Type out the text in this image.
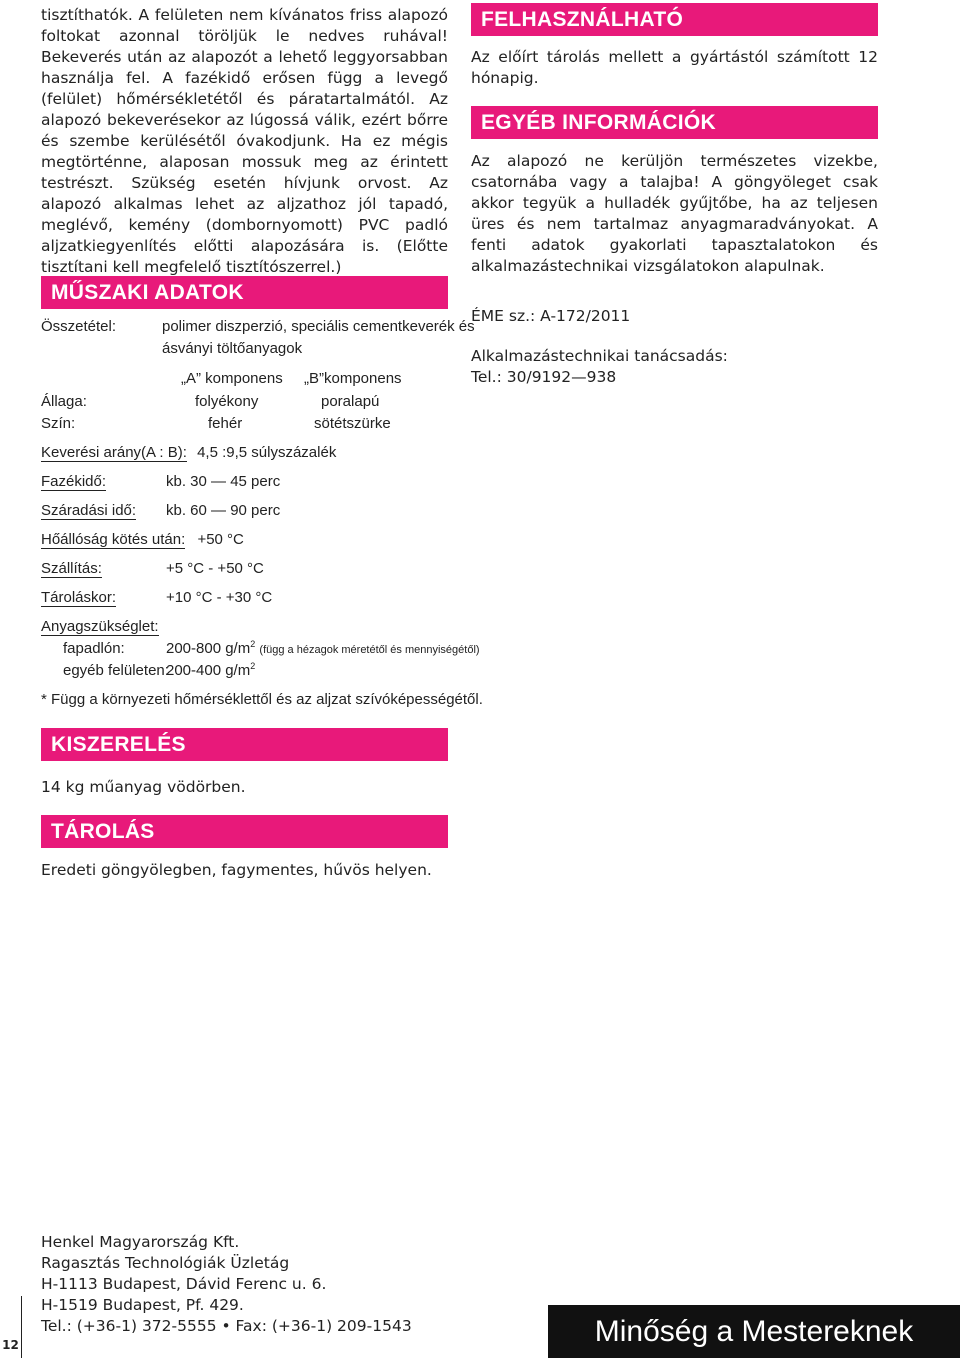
tisztíthatók. A felületen nem kívánatos friss alapozó foltokat azonnal töröljük le nedves ruhával! Bekeverés után az alapozót a lehető leggyorsabban használja fel. A fazékidő erősen függ a levegő (felület) hőmérsékletétől és páratartalmától. Az alapozó bekeverésekor az lúgossá válik, ezért bőrre és szembe kerülésétől óvakodjunk. Ha ez mégis megtörténne, alaposan mossuk meg az érintett testrészt. Szükség esetén hívjunk orvost. Az alapozó alkalmas lehet az aljzathoz jól tapadó, meglévő, kemény (dombornyomott) PVC padló aljzatkiegyenlítés előtti alapozására is. (Előtte tisztítani kell megfelelő tisztítószerrel.)

MŰSZAKI ADATOK
Összetétel:	polimer diszperzió, speciális cementkeverék és
ásványi töltőanyagok
„A” komponens „B”komponens
Állaga:	folyékony	poralapú
Szín:	fehér	sötétszürke
Keverési arány(A : B): 4,5 :9,5 súlyszázalék
Fazékidő:	kb. 30 — 45 perc
Száradási idő: kb. 60 — 90 perc
Hőállóság kötés után: +50 °C
Szállítás:	+5 °C - +50 °C
Tároláskor:	+10 °C - +30 °C
Anyagszükséglet:
fapadlón:	200-800 $g/m^2$ (függ a hézagok méretétől és mennyiségétől)
egyéb felületen:
200-400 $g/m^2$
* Függ a környezeti hőmérséklettől és az aljzat szívóképességétől.
KISZERELÉS
14 kg műanyag vödörben.
TÁROLÁS
Eredeti göngyölegben, fagymentes, hűvös helyen.
FELHASZNÁLHATÓ

Az előírt tárolás mellett a gyártástól számított 12 hónapig.

EGYÉB INFORMÁCIÓK

Az alapozó ne kerüljön természetes vizekbe, csatornába vagy a talajba! A göngyöleget csak akkor tegyük a hulladék gyűjtőbe, ha az teljesen üres és nem tartalmaz anyagmaradványokat. A fenti adatok gyakorlati tapasztalatokon és alkalmazástechnikai vizsgálatokon alapulnak.

ÉME sz.: A-172/2011
Alkalmazástechnikai tanácsadás:
Tel.: 30/9192—938
Henkel Magyarország Kft.
Ragasztás Technológiák Üzletág
H-1113 Budapest, Dávid Ferenc u. 6.
H-1519 Budapest, Pf. 429.
Tel.: (+36-1) 372-5555 • Fax: (+36-1) 209-1543
12	Minőség a Mestereknek
